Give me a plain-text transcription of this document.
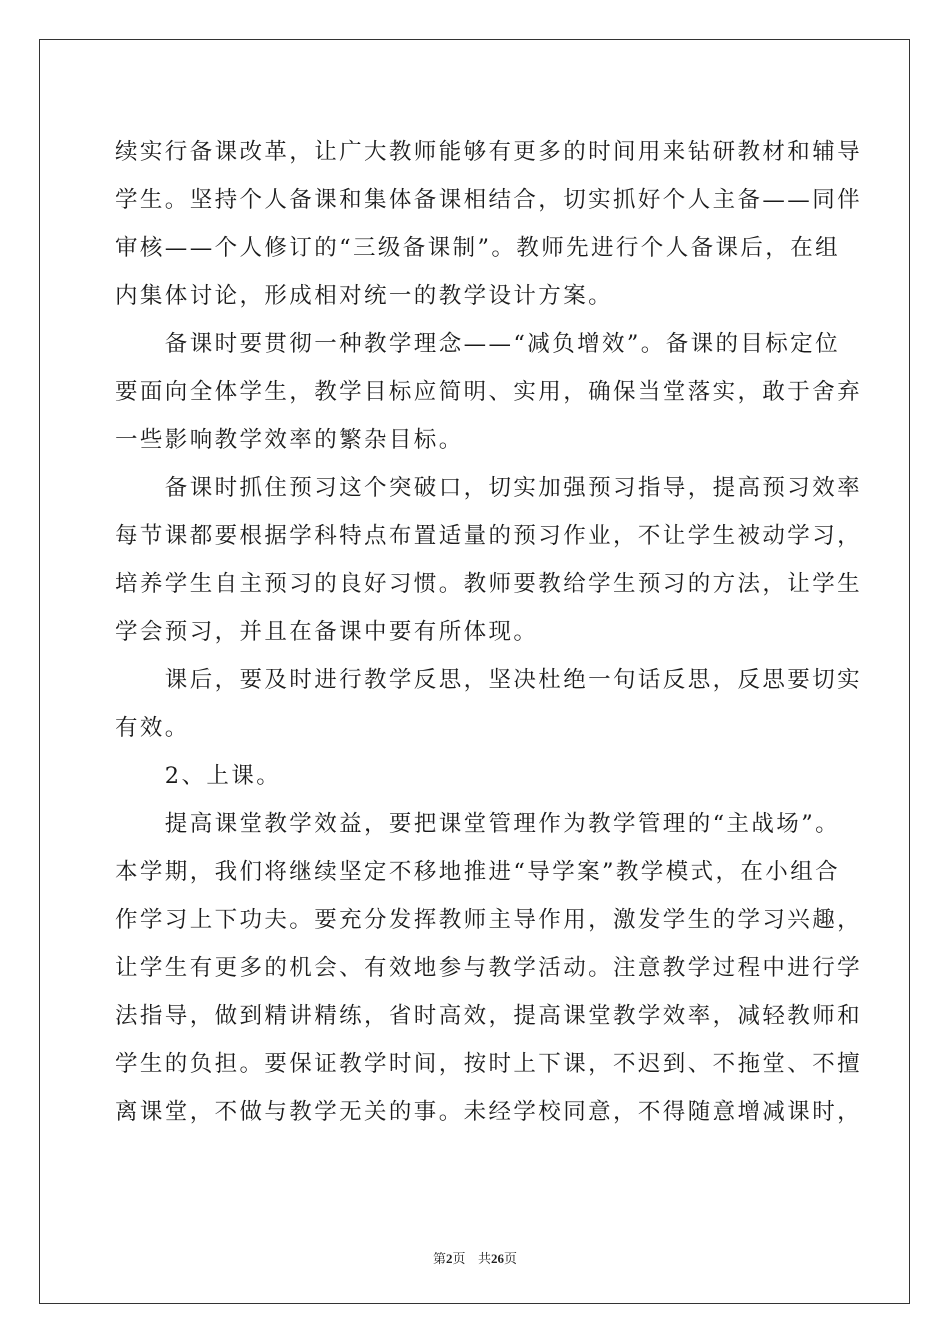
续实行备课改革，让广大教师能够有更多的时间用来钻研教材和辅导
学生。坚持个人备课和集体备课相结合，切实抓好个人主备——同伴
审核——个人修订的“三级备课制”。教师先进行个人备课后，在组
内集体讨论，形成相对统一的教学设计方案。
　　备课时要贯彻一种教学理念——“减负增效”。备课的目标定位
要面向全体学生，教学目标应简明、实用，确保当堂落实，敢于舍弃
一些影响教学效率的繁杂目标。
　　备课时抓住预习这个突破口，切实加强预习指导，提高预习效率
每节课都要根据学科特点布置适量的预习作业，不让学生被动学习，
培养学生自主预习的良好习惯。教师要教给学生预习的方法，让学生
学会预习，并且在备课中要有所体现。
　　课后，要及时进行教学反思，坚决杜绝一句话反思，反思要切实
有效。
　　2、上课。
　　提高课堂教学效益，要把课堂管理作为教学管理的“主战场”。
本学期，我们将继续坚定不移地推进“导学案”教学模式，在小组合
作学习上下功夫。要充分发挥教师主导作用，激发学生的学习兴趣，
让学生有更多的机会、有效地参与教学活动。注意教学过程中进行学
法指导，做到精讲精练，省时高效，提高课堂教学效率，减轻教师和
学生的负担。要保证教学时间，按时上下课，不迟到、不拖堂、不擅
离课堂，不做与教学无关的事。未经学校同意，不得随意增减课时，
第2页 共26页
